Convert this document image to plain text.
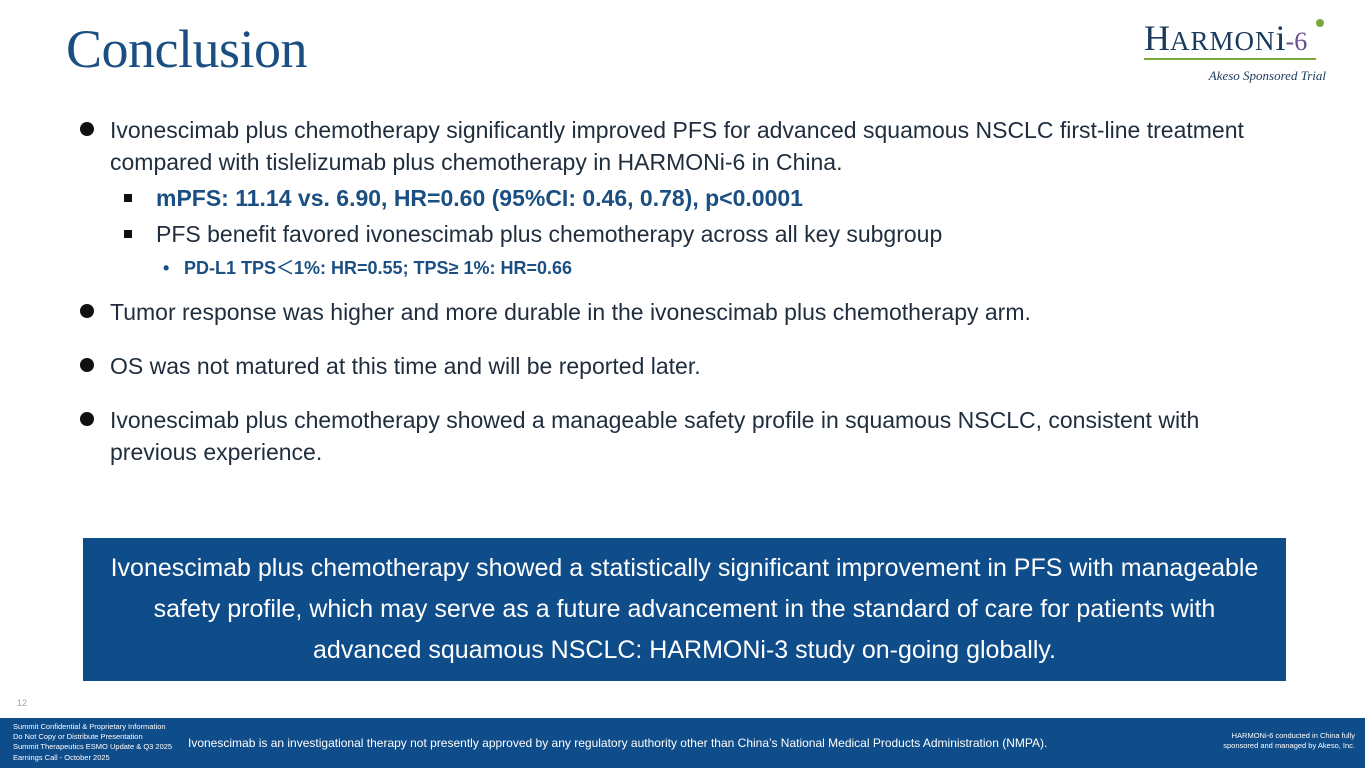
Conclusion	HARMONi-6
Akeso Sponsored Trial
Ivonescimab plus chemotherapy significantly improved PFS for advanced squamous NSCLC first-line treatment compared with tislelizumab plus chemotherapy in HARMONi-6 in China.
mPFS: 11.14 vs. 6.90, HR=0.60 (95%CI: 0.46, 0.78), p<0.0001
PFS benefit favored ivonescimab plus chemotherapy across all key subgroup
• PD-L1 TPS＜1%: HR=0.55; TPS≥ 1%: HR=0.66
Tumor response was higher and more durable in the ivonescimab plus chemotherapy arm.
OS was not matured at this time and will be reported later.
Ivonescimab plus chemotherapy showed a manageable safety profile in squamous NSCLC, consistent with previous experience.
Ivonescimab plus chemotherapy showed a statistically significant improvement in PFS with manageable safety profile, which may serve as a future advancement in the standard of care for patients with advanced squamous NSCLC: HARMONi-3 study on-going globally.
12
Summit Confidential & Proprietary Information
Do Not Copy or Distribute Presentation
Summit Therapeutics ESMO Update & Q3 2025
Earnings Call - October 2025
Ivonescimab is an investigational therapy not presently approved by any regulatory authority other than China’s National Medical Products Administration (NMPA).
HARMONi-6 conducted in China fully
sponsored and managed by Akeso, Inc.
